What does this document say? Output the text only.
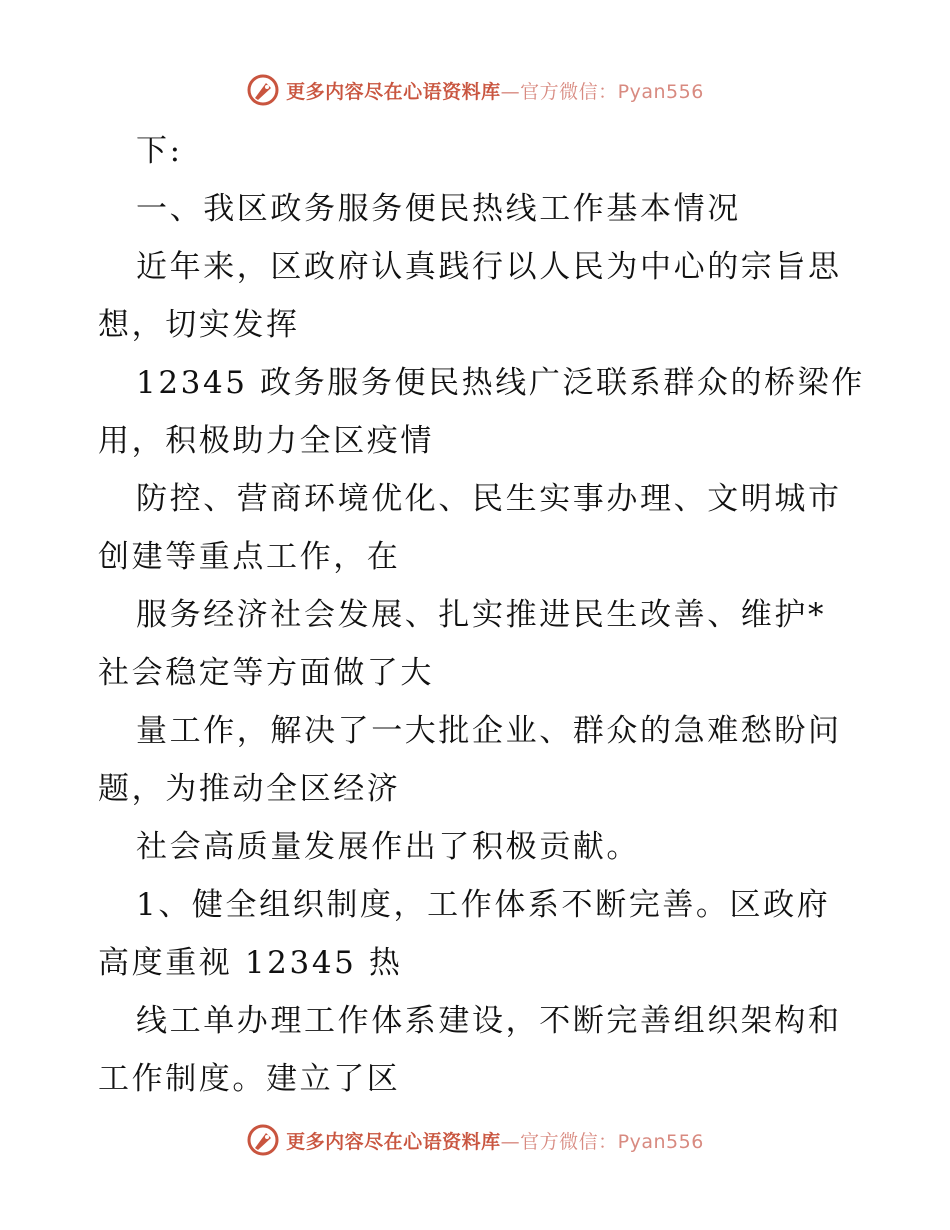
更多内容尽在心语资料库—官方微信：Pyan556
下:
一、我区政务服务便民热线工作基本情况
近年来，区政府认真践行以人民为中心的宗旨思
想，切实发挥
12345 政务服务便民热线广泛联系群众的桥梁作
用，积极助力全区疫情
防控、营商环境优化、民生实事办理、文明城市
创建等重点工作，在
服务经济社会发展、扎实推进民生改善、维护*
社会稳定等方面做了大
量工作，解决了一大批企业、群众的急难愁盼问
题，为推动全区经济
社会高质量发展作出了积极贡献。
1、健全组织制度，工作体系不断完善。区政府
高度重视 12345 热
线工单办理工作体系建设，不断完善组织架构和
工作制度。建立了区
更多内容尽在心语资料库—官方微信：Pyan556
